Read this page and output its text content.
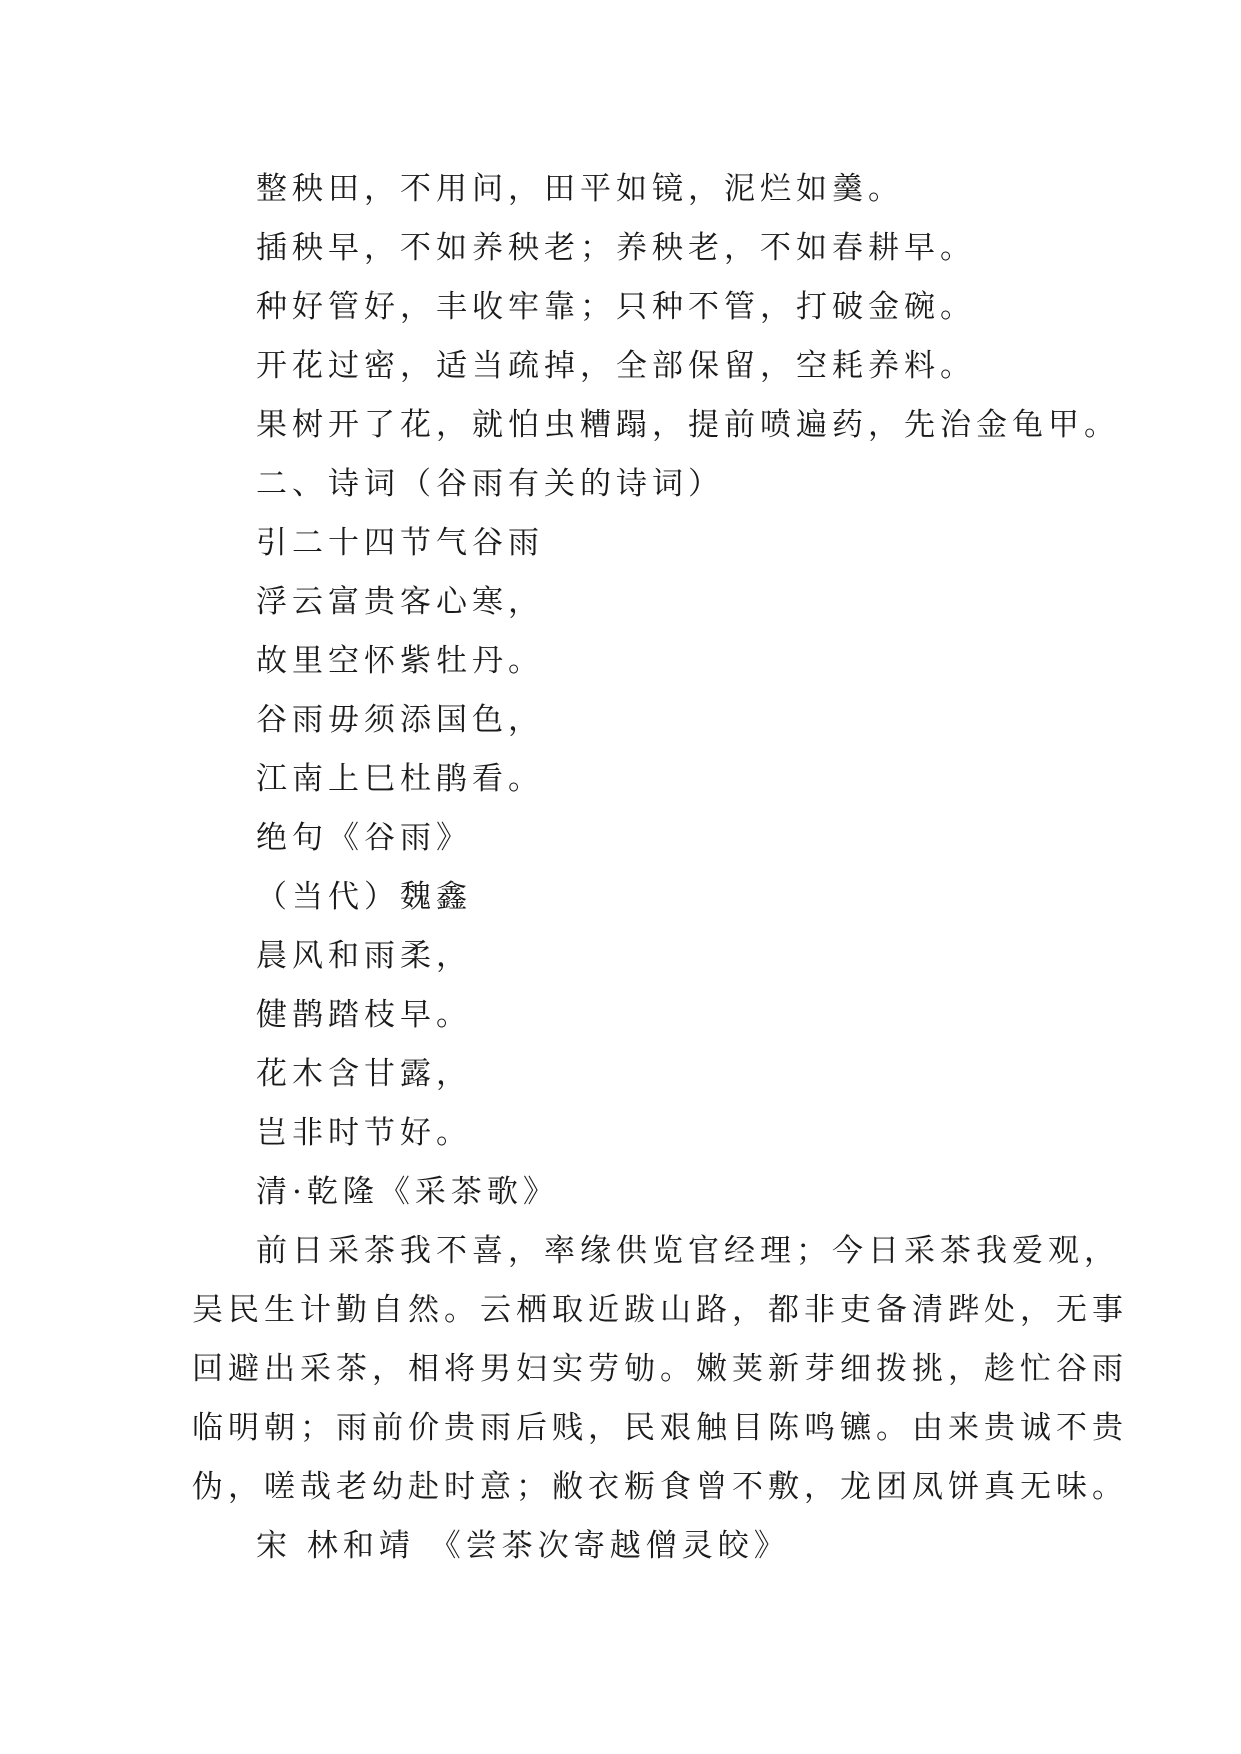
整秧田，不用问，田平如镜，泥烂如羹。
插秧早，不如养秧老；养秧老，不如春耕早。
种好管好，丰收牢靠；只种不管，打破金碗。
开花过密，适当疏掉，全部保留，空耗养料。
果树开了花，就怕虫糟蹋，提前喷遍药，先治金龟甲。
二、诗词（谷雨有关的诗词）
引二十四节气谷雨
浮云富贵客心寒，
故里空怀紫牡丹。
谷雨毋须添国色，
江南上巳杜鹃看。
绝句《谷雨》
（当代）魏鑫
晨风和雨柔，
健鹊踏枝早。
花木含甘露，
岂非时节好。
清·乾隆《采茶歌》
前日采茶我不喜，率缘供览官经理；今日采茶我爱观，
吴民生计勤自然。云栖取近跋山路，都非吏备清跸处，无事
回避出采茶，相将男妇实劳劬。嫩荚新芽细拨挑，趁忙谷雨
临明朝；雨前价贵雨后贱，民艰触目陈鸣镳。由来贵诚不贵
伪，嗟哉老幼赴时意；敝衣粝食曾不敷，龙团凤饼真无味。
宋 林和靖 《尝茶次寄越僧灵皎》
